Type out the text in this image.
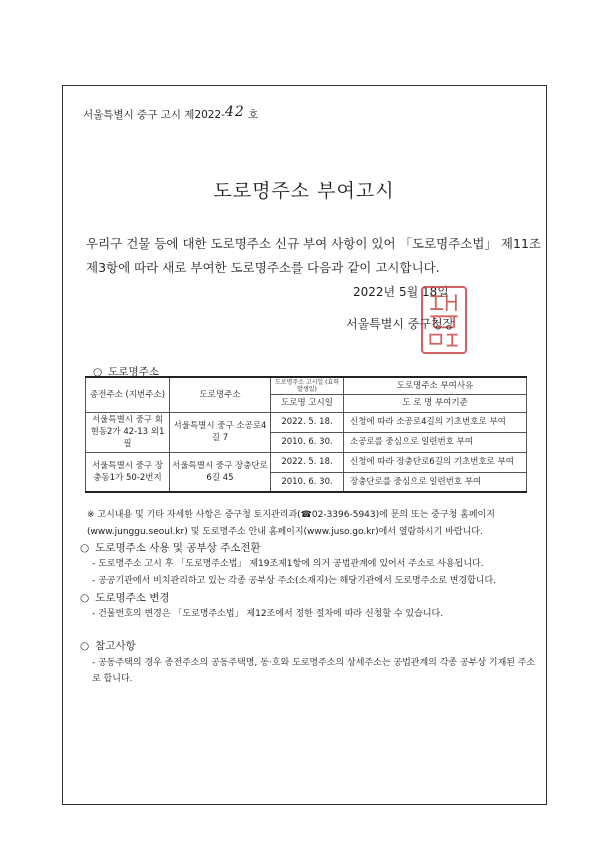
서울특별시 중구 고시 제2022-42 호
도로명주소 부여고시

우리구 건물 등에 대한 도로명주소 신규 부여 사항이 있어 「도로명주소법」 제11조 제3항에 따라 새로 부여한 도로명주소를 다음과 같이 고시합니다.

2022년 5월 18일
서울특별시 중구청장
○ 도로명주소
종전주소 (지번주소)	도로명주소	도로명주소 고시일 (효력발생일)	도로명주소 부여사유
		도로명 고시일	도 로 명 부여기준
서울특별시 중구 회현동2가 42-13 외1필	서울특별시 중구 소공로4길 7	2022. 5. 18.	신청에 따라 소공로4길의 기초번호로 부여
		2010. 6. 30.	소공로를 중심으로 일련번호 부여
서울특별시 중구 장충동1가 50-2번지	서울특별시 중구 장충단로6길 45	2022. 5. 18.	신청에 따라 장충단로6길의 기초번호로 부여
		2010. 6. 30.	장충단로를 중심으로 일련번호 부여

※ 고시내용 및 기타 자세한 사항은 중구청 토지관리과(☎02-3396-5943)에 문의 또는 중구청 홈페이지(www.junggu.seoul.kr) 및 도로명주소 안내 홈페이지(www.juso.go.kr)에서 열람하시기 바랍니다.

○ 도로명주소 사용 및 공부상 주소전환

- 도로명주소 고시 후 「도로명주소법」 제19조제1항에 의거 공법관계에 있어서 주소로 사용됩니다.

- 공공기관에서 비치관리하고 있는 각종 공부상 주소(소재지)는 해당기관에서 도로명주소로 변경합니다.

○ 도로명주소 변경

- 건물번호의 변경은 「도로명주소법」 제12조에서 정한 절차에 따라 신청할 수 있습니다.

○ 참고사항

- 공동주택의 경우 종전주소의 공동주택명, 동·호와 도로명주소의 상세주소는 공법관계의 각종 공부상 기재된 주소로 합니다.
